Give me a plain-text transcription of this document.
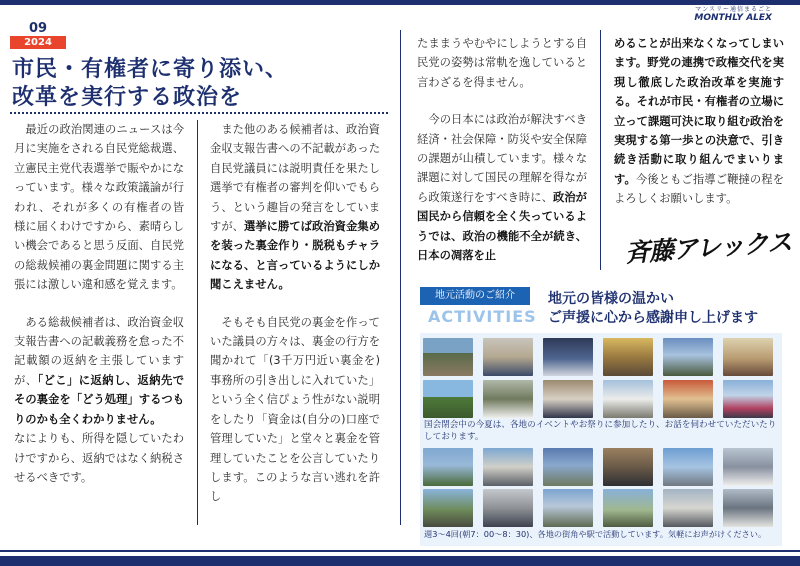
09
2024
マンスリー通信まるごと
MONTHLY ALEX
市民・有権者に寄り添い、
改革を実行する政治を

　最近の政治関連のニュースは今月に実施をされる自民党総裁選、立憲民主党代表選挙で賑やかになっています。様々な政策議論が行われ、それが多くの有権者の皆様に届くわけですから、素晴らしい機会であると思う反面、自民党の総裁候補の裏金問題に関する主張には激しい違和感を覚えます。

　ある総裁候補者は、政治資金収支報告書への記載義務を怠った不記載額の返納を主張していますが、「どこ」に返納し、返納先でその裏金を「どう処理」するつもりのかも全くわかりません。

なによりも、所得を隠していたわけですから、返納ではなく納税させるべきです。

　また他のある候補者は、政治資金収支報告書への不記載があった自民党議員には説明責任を果たし選挙で有権者の審判を仰いでもらう、という趣旨の発言をしていますが、選挙に勝てば政治資金集めを装った裏金作り・脱税もチャラになる、と言っているようにしか聞こえません。

　そもそも自民党の裏金を作っていた議員の方々は、裏金の行方を聞かれて「(3千万円近い裏金を)事務所の引き出しに入れていた」という全く信ぴょう性がない説明をしたり「資金は(自分の)口座で管理していた」と堂々と裏金を管理していたことを公言していたりします。このような言い逃れを許し

たままうやむやにしようとする自民党の姿勢は常軌を逸していると言わざるを得ません。

　今の日本には政治が解決すべき経済・社会保障・防災や安全保障の課題が山積しています。様々な課題に対して国民の理解を得ながら政策遂行をすべき時に、政治が国民から信頼を全く失っているようでは、政治の機能不全が続き、日本の凋落を止

めることが出来なくなってしまいます。野党の連携で政権交代を実現し徹底した政治改革を実施する。それが市民・有権者の立場に立って課題可決に取り組む政治を実現する第一歩との決意で、引き続き活動に取り組んでまいります。今後ともご指導ご鞭撻の程をよろしくお願いします。

斉藤アレックス
地元活動のご紹介
ACTIVITIES
地元の皆様の温かい
ご声援に心から感謝申し上げます
国会閉会中の今夏は、各地のイベントやお祭りに参加したり、お話を伺わせていただいたりしております。
週3〜4回(朝7：00〜8：30)、各地の街角や駅で活動しています。気軽にお声がけください。
